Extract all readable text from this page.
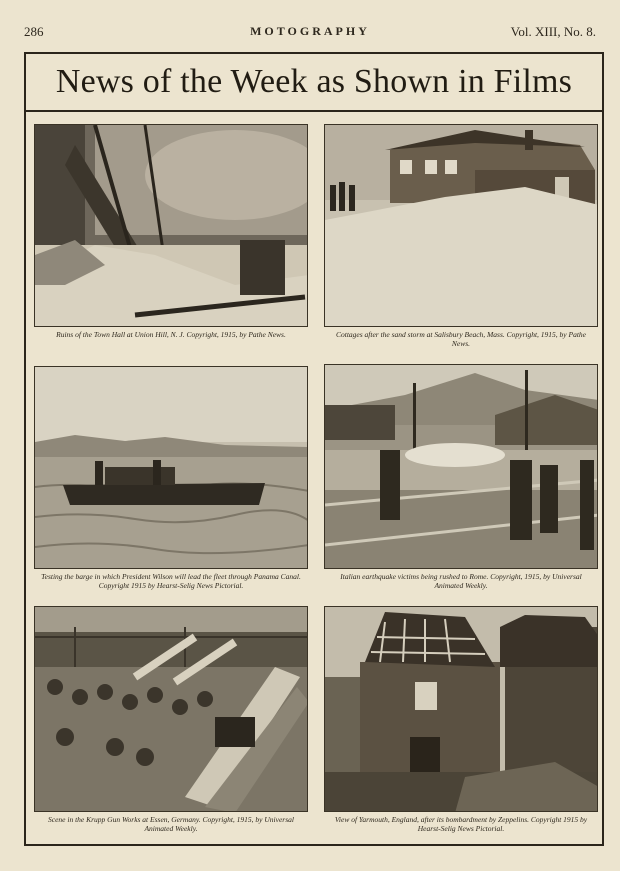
286	MOTOGRAPHY	Vol. XIII, No. 8.
News of the Week as Shown in Films
Ruins of the Town Hall at Union Hill, N. J. Copyright, 1915, by Pathe News.	Cottages after the sand storm at Salisbury Beach, Mass. Copyright, 1915, by Pathe News.
Testing the barge in which President Wilson will lead the fleet through Panama Canal. Copyright 1915 by Hearst-Selig News Pictorial.
Italian earthquake victims being rushed to Rome. Copyright, 1915, by Universal Animated Weekly.
Scene in the Krupp Gun Works at Essen, Germany. Copyright, 1915, by Universal Animated Weekly.
View of Yarmouth, England, after its bombardment by Zeppelins. Copyright 1915 by Hearst-Selig News Pictorial.
